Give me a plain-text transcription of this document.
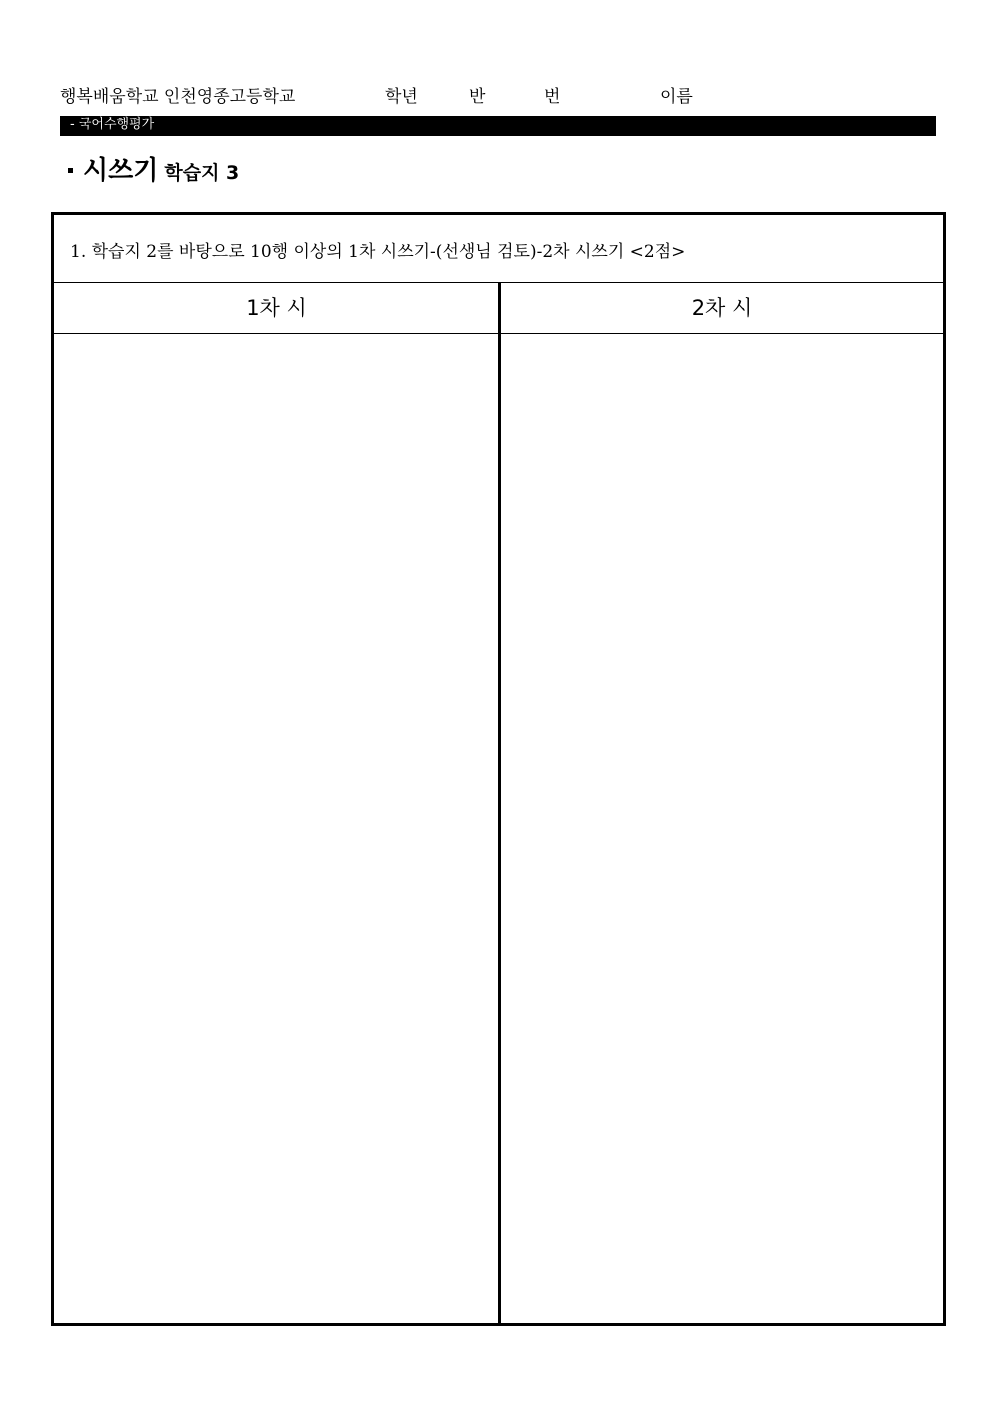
행복배움학교 인천영종고등학교	학년	반	번	이름
- 국어수행평가
시쓰기 학습지 3
1. 학습지 2를 바탕으로 10행 이상의 1차 시쓰기-(선생님 검토)-2차 시쓰기 <2점>
1차 시	2차 시
